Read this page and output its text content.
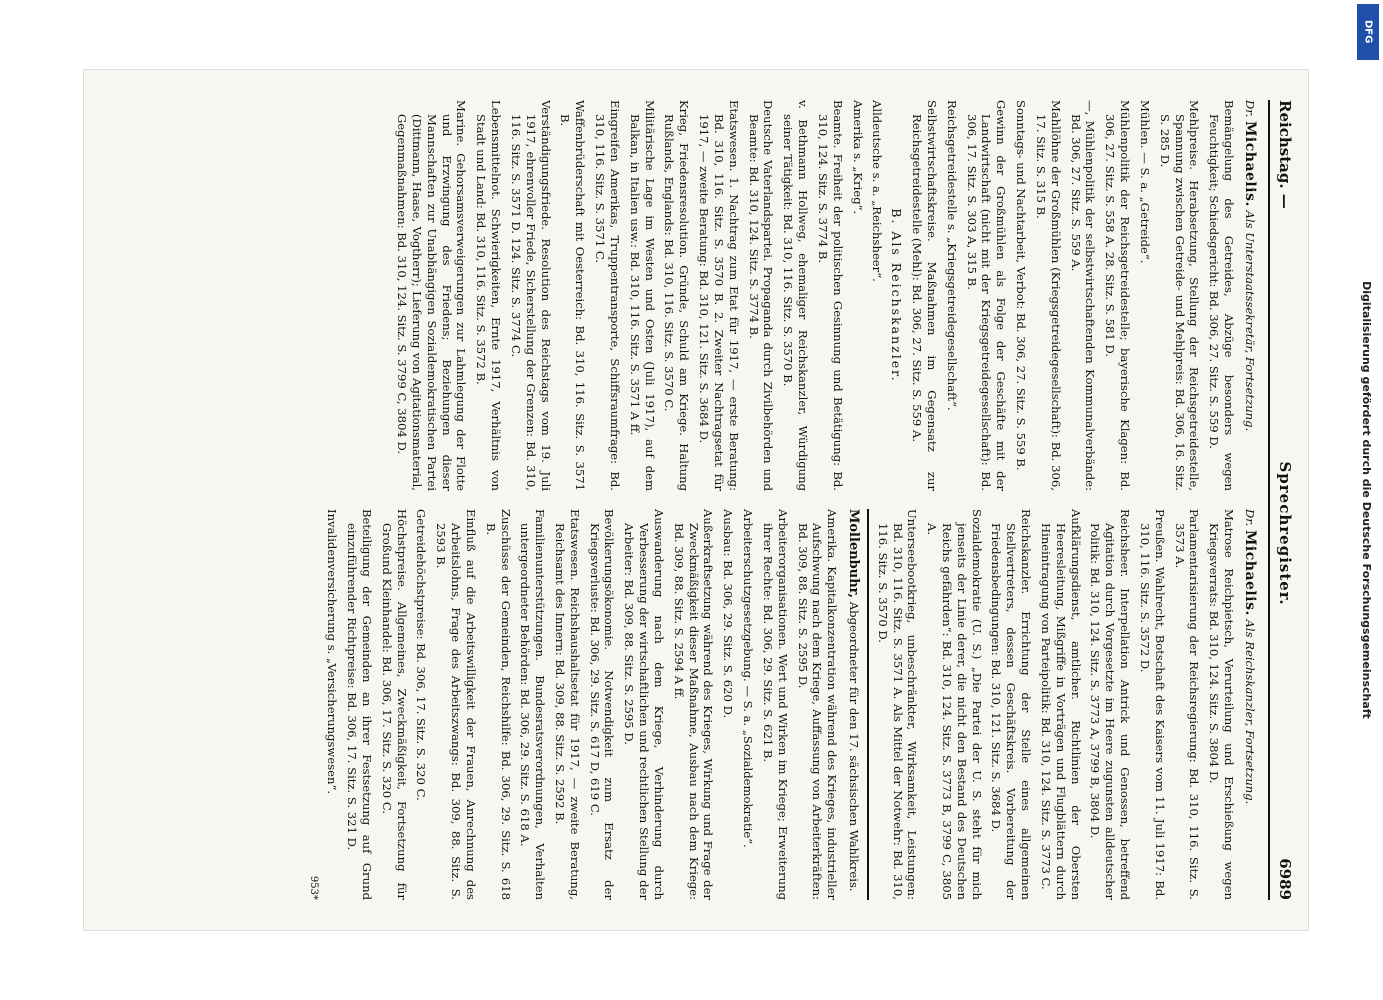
Reichstag. —
Sprechregister.
6989
Dr. Michaelis. Als Unterstaatssekretär, Fortsetzung.
Bemängelung des Getreides, Abzüge besonders wegen Feuchtigkeit; Schiedsgericht: Bd. 306, 27. Sitz. S. 559 D.
Mehlpreise. Herabsetzung, Stellung der Reichsgetreidestelle, Spannung zwischen Getreide- und Mehlpreis: Bd. 306, 16. Sitz. S. 285 D.
Mühlen. — S. a. „Getreide“.
Mühlenpolitik der Reichsgetreidestelle; bayerische Klagen: Bd. 306, 27. Sitz. S. 558 A. 28. Sitz. S. 581 D.
—, Mühlenpolitik der selbstwirtschaftenden Kommunalverbände: Bd. 306, 27. Sitz. S. 559 A.
Mahllöhne der Großmühlen (Kriegsgetreidegesellschaft): Bd. 306, 17. Sitz. S. 315 B.
Sonntags- und Nachtarbeit, Verbot: Bd. 306, 27. Sitz. S. 559 B.
Gewinn der Großmühlen als Folge der Geschäfte mit der Landwirtschaft (nicht mit der Kriegsgetreidegesellschaft): Bd. 306, 17. Sitz. S. 303 A, 315 B.
Reichsgetreidestelle s. „Kriegsgetreidegesellschaft“.
Selbstwirtschaftskreise. Maßnahmen im Gegensatz zur Reichsgetreidestelle (Mehl): Bd. 306, 27. Sitz. S. 559 A.
B. Als Reichskanzler.
Alldeutsche s. a. „Reichsheer“.
Amerika s. „Krieg“.
Beamte. Freiheit der politischen Gesinnung und Betätigung: Bd. 310, 124. Sitz. S. 3774 B.
v. Bethmann Hollweg, ehemaliger Reichskanzler, Würdigung seiner Tätigkeit: Bd. 310, 116. Sitz. S. 3570 B.
Deutsche Vaterlandspartei. Propaganda durch Zivilbehörden und Beamte: Bd. 310, 124. Sitz. S. 3774 B.
Etatswesen. 1. Nachtrag zum Etat für 1917, — erste Beratung: Bd. 310, 116. Sitz. S. 3570 B. 2. Zweiter Nachtragsetat für 1917, — zweite Beratung: Bd. 310, 121. Sitz. S. 3684 D.
Krieg, Friedensresolution. Gründe, Schuld am Kriege. Haltung Rußlands, Englands: Bd. 310, 116. Sitz. S. 3570 C.
Militärische Lage im Westen und Osten (Juli 1917), auf dem Balkan, in Italien usw.: Bd. 310, 116. Sitz. S. 3571 A ff.
Eingreifen Amerikas, Truppentransporte, Schiffsraumfrage: Bd. 310, 116. Sitz. S. 3571 C.
Waffenbrüderschaft mit Oesterreich: Bd. 310, 116. Sitz. S. 3571 B.
Verständigungsfriede. Resolution des Reichstags vom 19. Juli 1917, ehrenvoller Friede, Sicherstellung der Grenzen: Bd. 310, 116. Sitz. S. 3571 D. 124. Sitz. S. 3774 C.
Lebensmittelnot. Schwierigkeiten, Ernte 1917, Verhältnis von Stadt und Land: Bd. 310, 116. Sitz. S. 3572 B.
Marine. Gehorsamsverweigerungen zur Lahmlegung der Flotte und Erzwingung des Friedens; Beziehungen dieser Mannschaften zur Unabhängigen Sozialdemokratischen Partei (Dittmann, Haase, Vogtherr); Lieferung von Agitationsmaterial, Gegenmaßnahmen: Bd. 310, 124. Sitz. S. 3799 C, 3804 D.
Dr. Michaelis. Als Reichskanzler, Fortsetzung.
Matrose Reichpietsch, Verurteilung und Erschießung wegen Kriegsverrats: Bd. 310, 124. Sitz. S. 3804 D.
Parlamentarisierung der Reichsregierung: Bd. 310, 116. Sitz. S. 3573 A.
Preußen. Wahlrecht, Botschaft des Kaisers vom 11. Juli 1917: Bd. 310, 116. Sitz. S. 3572 D.
Reichsheer. Interpellation Antrick und Genossen, betreffend Agitation durch Vorgesetzte im Heere zugunsten alldeutscher Politik: Bd. 310, 124. Sitz. S. 3773 A, 3799 B, 3804 D.
Aufklärungsdienst, amtlicher. Richtlinien der Obersten Heeresleitung, Mißgriffe in Vorträgen und Flugblättern durch Hineintragung von Parteipolitik: Bd. 310, 124. Sitz. S. 3773 C.
Reichskanzler. Errichtung der Stelle eines allgemeinen Stellvertreters, dessen Geschäftskreis. Vorbereitung der Friedensbedingungen: Bd. 310, 121. Sitz. S. 3684 D.
Sozialdemokratie (U. S.) „Die Partei der U. S. steht für mich jenseits der Linie derer, die nicht den Bestand des Deutschen Reichs gefährden“: Bd. 310, 124. Sitz. S. 3773 B, 3799 C, 3805 A.
Unterseebootkrieg, unbeschränkter, Wirksamkeit, Leistungen: Bd. 310, 116. Sitz. S. 3571 A. Als Mittel der Notwehr: Bd. 310, 116. Sitz. S. 3570 D.
Mollenbuhr, Abgeordneter für den 17. sächsischen Wahlkreis.
Amerika. Kapitalkonzentration während des Krieges, industrieller Aufschwung nach dem Kriege, Auffassung von Arbeiterkräften: Bd. 309, 88. Sitz. S. 2595 D.
Arbeiterorganisationen. Wert und Wirken im Kriege; Erweiterung ihrer Rechte: Bd. 306, 29. Sitz. S. 621 B.
Arbeiterschutzgesetzgebung. — S. a. „Sozialdemokratie“.
Ausbau: Bd. 306, 29. Sitz. S. 620 D.
Außerkraftsetzung während des Krieges, Wirkung und Frage der Zweckmäßigkeit dieser Maßnahme, Ausbau nach dem Kriege: Bd. 309, 88. Sitz. S. 2594 A ff.
Auswanderung nach dem Kriege, Verhinderung durch Verbesserung der wirtschaftlichen und rechtlichen Stellung der Arbeiter: Bd. 309, 88. Sitz. S. 2595 D.
Bevölkerungsökonomie. Notwendigkeit zum Ersatz der Kriegsverluste: Bd. 306, 29. Sitz. S. 617 D, 619 C.
Etatswesen. Reichshaushaltsetat für 1917, — zweite Beratung, Reichsamt des Innern: Bd. 309, 88. Sitz. S. 2592 B.
Familienunterstützungen. Bundesratsverordnungen, Verhalten untergeordneter Behörden: Bd. 306, 29. Sitz. S. 618 A.
Zuschüsse der Gemeinden, Reichshilfe: Bd. 306, 29. Sitz. S. 618 B.
Einfluß auf die Arbeitswilligkeit der Frauen, Anrechnung des Arbeitslohns, Frage des Arbeitszwangs: Bd. 309, 88. Sitz. S. 2593 B.
Getreidehöchstpreise: Bd. 306, 17. Sitz. S. 320 C.
Höchstpreise. Allgemeines, Zweckmäßigkeit, Fortsetzung für Großund Kleinhandel: Bd. 306, 17. Sitz. S. 320 C.
Beteiligung der Gemeinden an ihrer Festsetzung auf Grund einzuführender Richtpreise: Bd. 306, 17. Sitz. S. 321 D.
Invalidenversicherung s. „Versicherungswesen“.
953*
Digitalisierung gefördert durch die Deutsche Forschungsgemeinschaft
DFG
